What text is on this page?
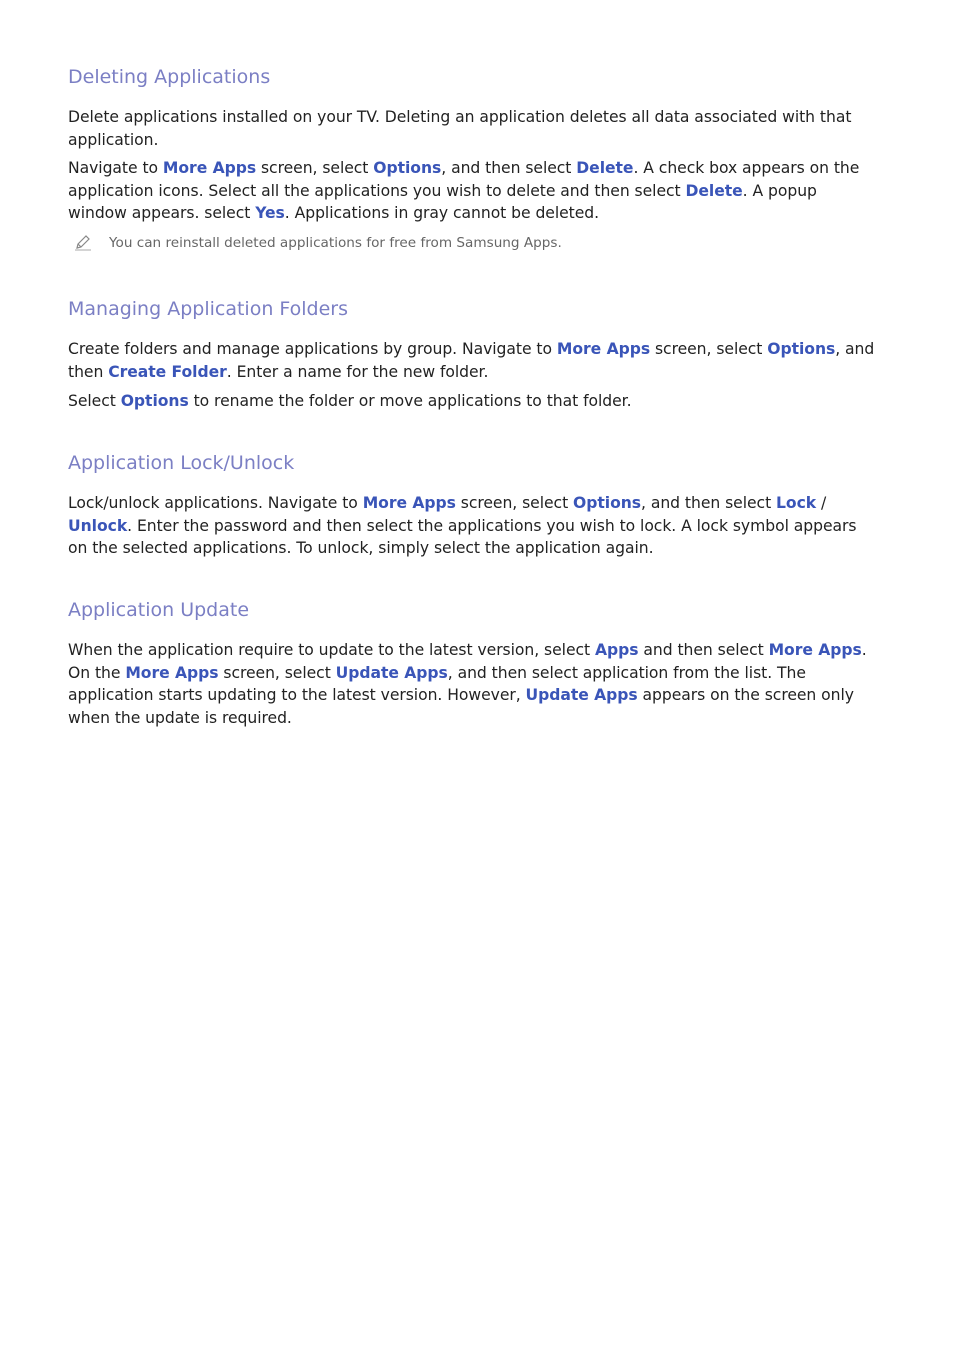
Deleting Applications

Delete applications installed on your TV. Deleting an application deletes all data associated with that application.

Navigate to More Apps screen, select Options, and then select Delete. A check box appears on the application icons. Select all the applications you wish to delete and then select Delete. A popup window appears. select Yes. Applications in gray cannot be deleted.

You can reinstall deleted applications for free from Samsung Apps.
Managing Application Folders

Create folders and manage applications by group. Navigate to More Apps screen, select Options, and then Create Folder. Enter a name for the new folder.

Select Options to rename the folder or move applications to that folder.

Application Lock/Unlock

Lock/unlock applications. Navigate to More Apps screen, select Options, and then select Lock / Unlock. Enter the password and then select the applications you wish to lock. A lock symbol appears on the selected applications. To unlock, simply select the application again.

Application Update

When the application require to update to the latest version, select Apps and then select More Apps. On the More Apps screen, select Update Apps, and then select application from the list. The application starts updating to the latest version. However, Update Apps appears on the screen only when the update is required.
